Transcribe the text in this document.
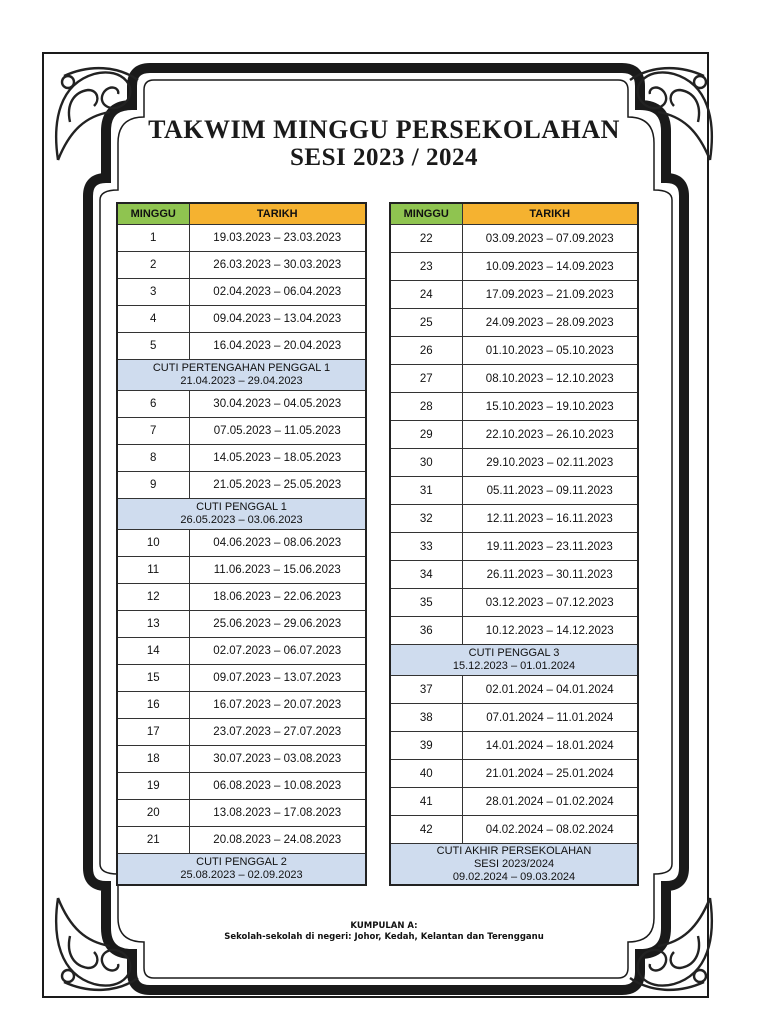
TAKWIM MINGGU PERSEKOLAHAN
SESI 2023 / 2024
MINGGU	TARIKH
1	19.03.2023 – 23.03.2023
2	26.03.2023 – 30.03.2023
3	02.04.2023 – 06.04.2023
4	09.04.2023 – 13.04.2023
5	16.04.2023 – 20.04.2023

CUTI PERTENGAHAN PENGGAL 1
21.04.2023 – 29.04.2023	

6	30.04.2023 – 04.05.2023
7	07.05.2023 – 11.05.2023
8	14.05.2023 – 18.05.2023
9	21.05.2023 – 25.05.2023

CUTI PENGGAL 1
26.05.2023 – 03.06.2023	

10	04.06.2023 – 08.06.2023
11	11.06.2023 – 15.06.2023
12	18.06.2023 – 22.06.2023
13	25.06.2023 – 29.06.2023
14	02.07.2023 – 06.07.2023
15	09.07.2023 – 13.07.2023
16	16.07.2023 – 20.07.2023
17	23.07.2023 – 27.07.2023
18	30.07.2023 – 03.08.2023
19	06.08.2023 – 10.08.2023
20	13.08.2023 – 17.08.2023
21	20.08.2023 – 24.08.2023

CUTI PENGGAL 2
25.08.2023 – 02.09.2023	
MINGGU	TARIKH
22	03.09.2023 – 07.09.2023
23	10.09.2023 – 14.09.2023
24	17.09.2023 – 21.09.2023
25	24.09.2023 – 28.09.2023
26	01.10.2023 – 05.10.2023
27	08.10.2023 – 12.10.2023
28	15.10.2023 – 19.10.2023
29	22.10.2023 – 26.10.2023
30	29.10.2023 – 02.11.2023
31	05.11.2023 – 09.11.2023
32	12.11.2023 – 16.11.2023
33	19.11.2023 – 23.11.2023
34	26.11.2023 – 30.11.2023
35	03.12.2023 – 07.12.2023
36	10.12.2023 – 14.12.2023

CUTI PENGGAL 3
15.12.2023 – 01.01.2024	

37	02.01.2024 – 04.01.2024
38	07.01.2024 – 11.01.2024
39	14.01.2024 – 18.01.2024
40	21.01.2024 – 25.01.2024
41	28.01.2024 – 01.02.2024
42	04.02.2024 – 08.02.2024

CUTI AKHIR PERSEKOLAHAN
SESI 2023/2024
09.02.2024 – 09.03.2024	
KUMPULAN A:
Sekolah-sekolah di negeri: Johor, Kedah, Kelantan dan Terengganu
